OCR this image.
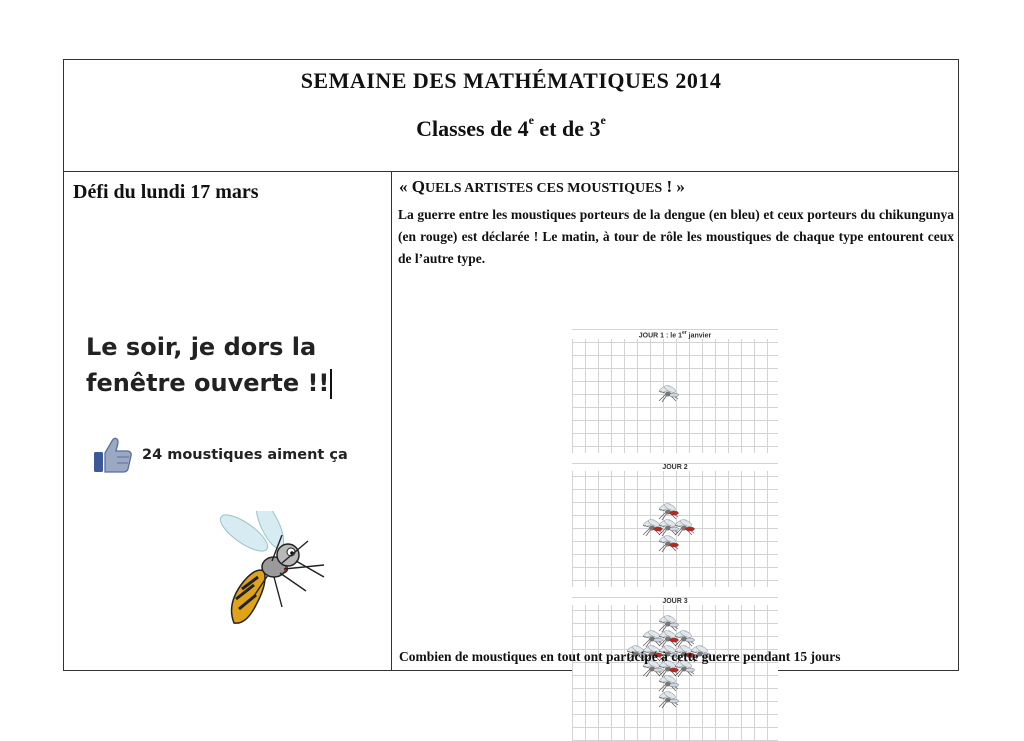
SEMAINE DES MATHÉMATIQUES 2014
Classes de 4e et de 3e
Défi du lundi 17 mars
Le soir, je dors la
fenêtre ouverte !!
24 moustiques aiment ça
« QUELS ARTISTES CES MOUSTIQUES ! »
La guerre entre les moustiques porteurs de la dengue (en bleu) et ceux porteurs du chikungunya (en rouge) est déclarée ! Le matin, à tour de rôle les moustiques de chaque type entourent ceux de l’autre type.
JOUR 1 : le 1er janvier
JOUR 2
JOUR 3
Combien de moustiques en tout ont participé à cette guerre pendant 15 jours
